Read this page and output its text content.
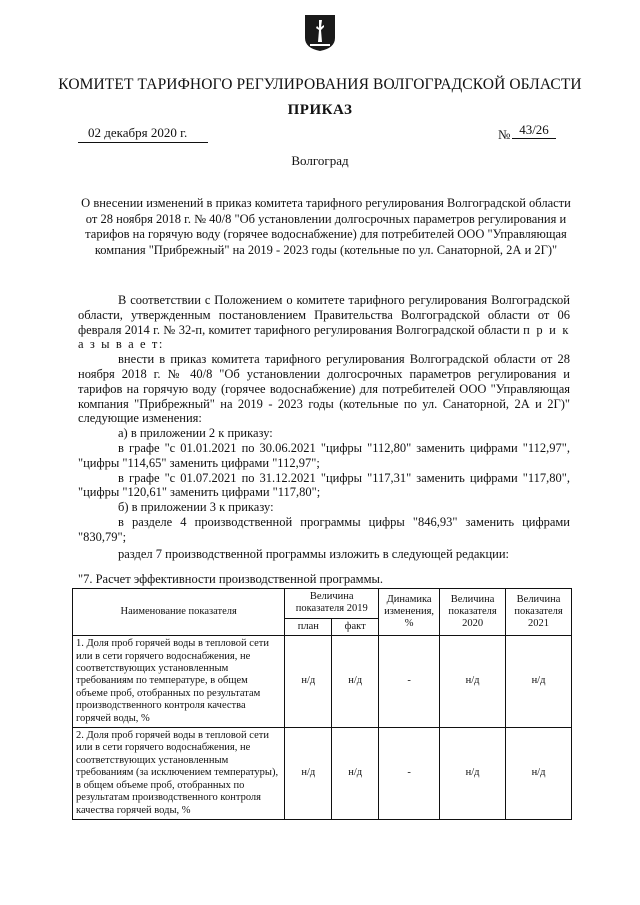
КОМИТЕТ ТАРИФНОГО РЕГУЛИРОВАНИЯ ВОЛГОГРАДСКОЙ ОБЛАСТИ
ПРИКАЗ
02 декабря 2020 г.	№ 43/26
Волгоград
О внесении изменений в приказ комитета тарифного регулирования Волгоградской области от 28 ноября 2018 г. № 40/8 "Об установлении долгосрочных параметров регулирования и тарифов на горячую воду (горячее водоснабжение) для потребителей ООО "Управляющая компания "Прибрежный" на 2019 - 2023 годы (котельные по ул. Санаторной, 2А и 2Г)"

В соответствии с Положением о комитете тарифного регулирования Волгоградской области, утвержденным постановлением Правительства Волгоградской области от 06 февраля 2014 г. № 32-п, комитет тарифного регулирования Волгоградской области п р и к а з ы в а е т:

внести в приказ комитета тарифного регулирования Волгоградской области от 28 ноября 2018 г. № 40/8 "Об установлении долгосрочных параметров регулирования и тарифов на горячую воду (горячее водоснабжение) для потребителей ООО "Управляющая компания "Прибрежный" на 2019 - 2023 годы (котельные по ул. Санаторной, 2А и 2Г)" следующие изменения:

а) в приложении 2 к приказу:

в графе "с 01.01.2021 по 30.06.2021 "цифры "112,80" заменить цифрами "112,97", "цифры "114,65" заменить цифрами "112,97";

в графе "с 01.07.2021 по 31.12.2021 "цифры "117,31" заменить цифрами "117,80", "цифры "120,61" заменить цифрами "117,80";

б) в приложении 3 к приказу:

в разделе 4 производственной программы цифры "846,93" заменить цифрами "830,79";

раздел 7 производственной программы изложить в следующей редакции:

"7. Расчет эффективности производственной программы.
Наименование показателя	Величина показателя 2019		Динамика изменения, %	Величина показателя 2020	Величина показателя 2021
	план	факт			
1. Доля проб горячей воды в тепловой сети или в сети горячего водоснабжения, не соответствующих установленным требованиям по температуре, в общем объеме проб, отобранных по результатам производственного контроля качества горячей воды, %	н/д	н/д	-	н/д	н/д
2. Доля проб горячей воды в тепловой сети или в сети горячего водоснабжения, не соответствующих установленным требованиям (за исключением температуры), в общем объеме проб, отобранных по результатам производственного контроля качества горячей воды, %	н/д	н/д	-	н/д	н/д
